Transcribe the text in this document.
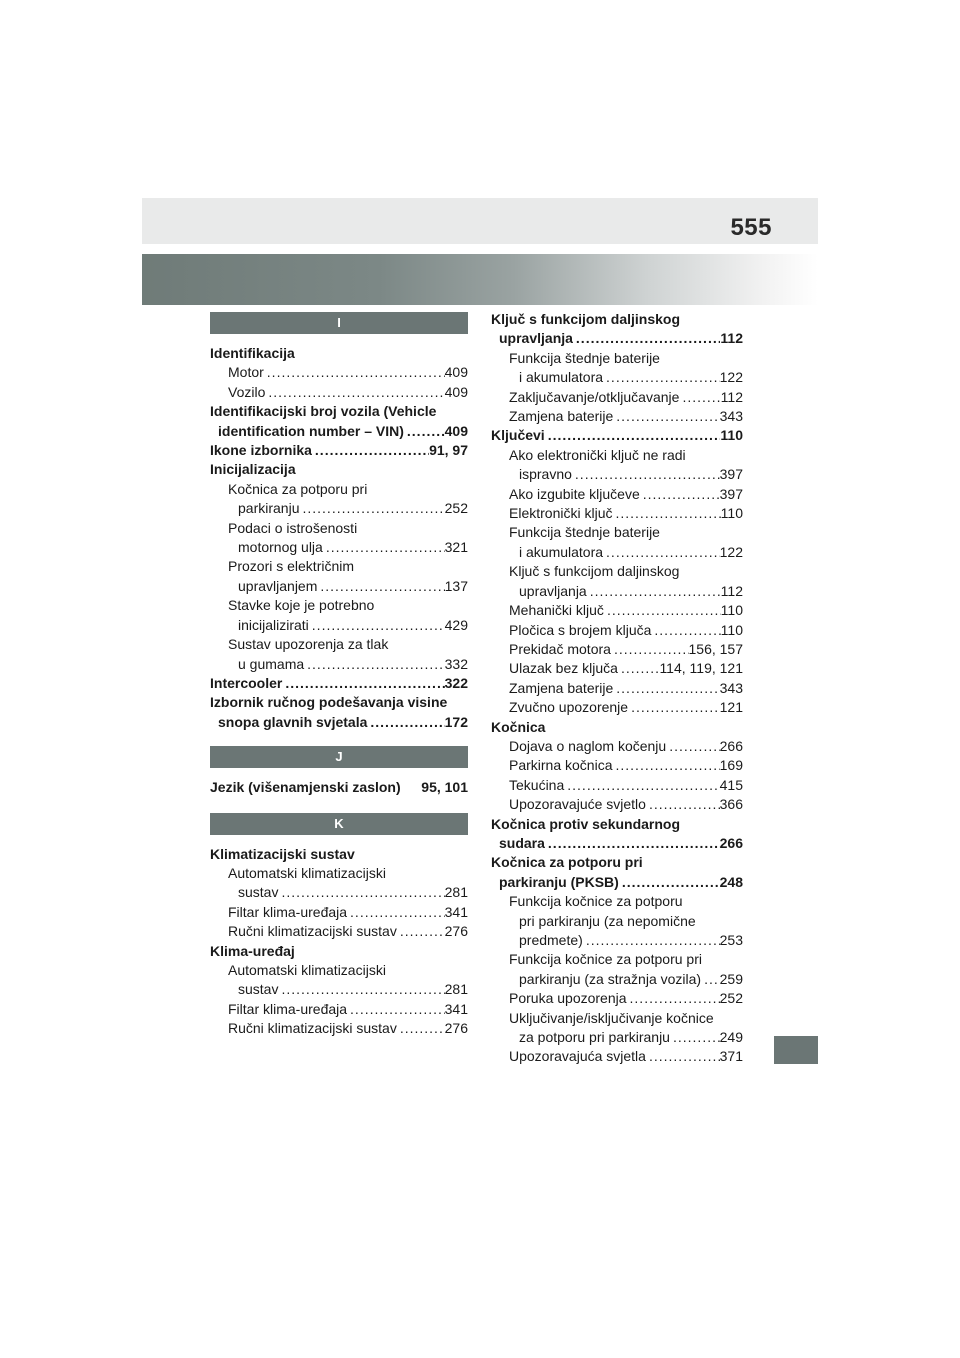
555
I
Identifikacija
Motor .....	409
Vozilo .....	409
Identifikacijski broj vozila (Vehicle
identification number – VIN) .....	409
Ikone izbornika .....	91, 97
Inicijalizacija
Kočnica za potporu pri
parkiranju .....	252
Podaci o istrošenosti
motornog ulja .....	321
Prozori s električnim
upravljanjem .....	137
Stavke koje je potrebno
inicijalizirati .....	429
Sustav upozorenja za tlak
u gumama .....	332
Intercooler .....	322
Izbornik ručnog podešavanja visine
snopa glavnih svjetala .....	172
J
Jezik (višenamjenski zaslon) 95, 101
K
Klimatizacijski sustav
Automatski klimatizacijski
sustav .....	281
Filtar klima-uređaja .....	341
Ručni klimatizacijski sustav .....	276
Klima-uređaj
Automatski klimatizacijski
sustav .....	281
Filtar klima-uređaja .....	341
Ručni klimatizacijski sustav .....	276
Ključ s funkcijom daljinskog
upravljanja .....	112
Funkcija štednje baterije
i akumulatora .....	122
Zaključavanje/otključavanje .....	112
Zamjena baterije .....	343
Ključevi .....	110
Ako elektronički ključ ne radi
ispravno .....	397
Ako izgubite ključeve .....	397
Elektronički ključ .....	110
Funkcija štednje baterije
i akumulatora .....	122
Ključ s funkcijom daljinskog
upravljanja .....	112
Mehanički ključ .....	110
Pločica s brojem ključa .....	110
Prekidač motora .....	156, 157
Ulazak bez ključa .....	114, 119, 121
Zamjena baterije .....	343
Zvučno upozorenje .....	121
Kočnica
Dojava o naglom kočenju .....	266
Parkirna kočnica .....	169
Tekućina .....	415
Upozoravajuće svjetlo .....	366
Kočnica protiv sekundarnog
sudara .....	266
Kočnica za potporu pri
parkiranju (PKSB) .....	248
Funkcija kočnice za potporu
pri parkiranju (za nepomične
predmete) .....	253
Funkcija kočnice za potporu pri
parkiranju (za stražnja vozila) ..... 259
Poruka upozorenja .....	252
Uključivanje/isključivanje kočnice
za potporu pri parkiranju .....	249
Upozoravajuća svjetla .....	371
